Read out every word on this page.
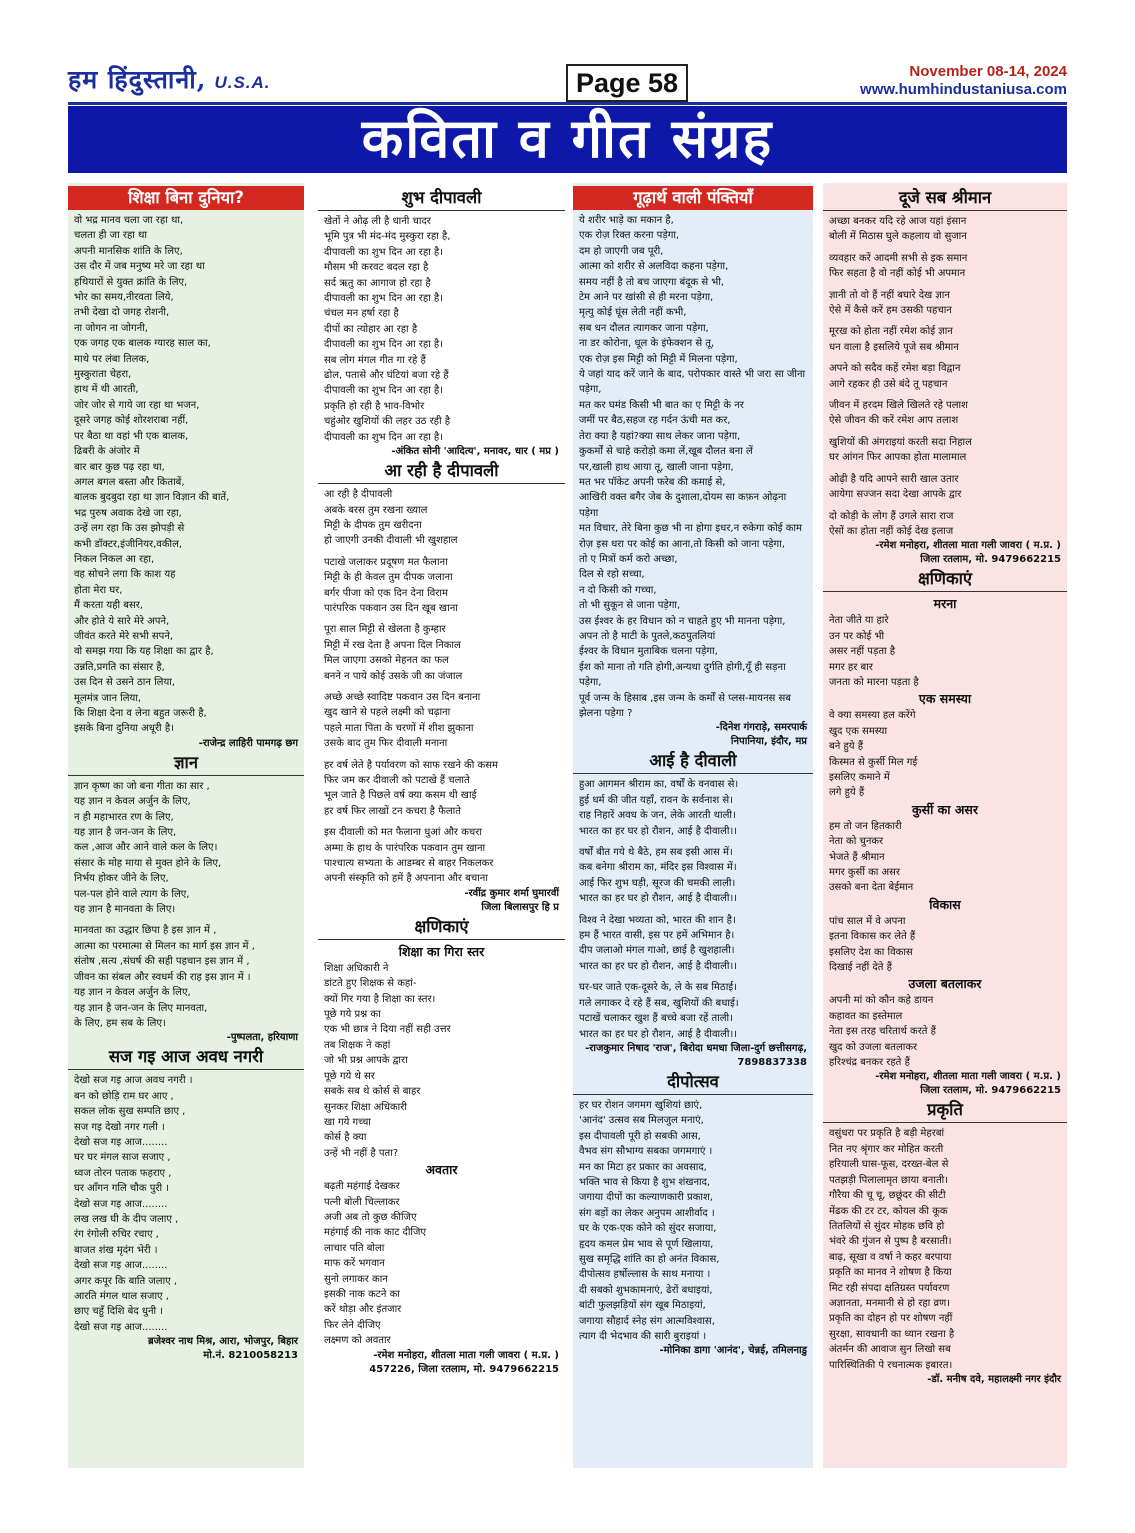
हम हिंदुस्तानी, U.S.A.	Page 58	November 08-14, 2024
www.humhindustaniusa.com
कविता व गीत संग्रह
शिक्षा बिना दुनिया?

वो भद्र मानव चला जा रहा था,
चलता ही जा रहा था
अपनी मानसिक शांति के लिए,
उस दौर में जब मनुष्य मरे जा रहा था
हथियारों से युक्त क्रांति के लिए,
भोर का समय,नीरवता लिये,
तभी देखा दो जगह रोशनी,
ना जोगन ना जोगनी,
एक जगह एक बालक ग्यारह साल का,
माथे पर लंबा तिलक,
मुस्कुराता चेहरा,
हाथ में थी आरती,
जोर जोर से गाये जा रहा था भजन,
दूसरे जगह कोई शोरशराबा नहीं,
पर बैठा था वहां भी एक बालक,
ढिबरी के अंजोर में
बार बार कुछ पढ़ रहा था,
अगल बगल बस्ता और किताबें,
बालक बुदबुदा रहा था ज्ञान विज्ञान की बातें,
भद्र पुरुष अवाक देखे जा रहा,
उन्हें लग रहा कि उस झोपड़ी से
कभी डॉक्टर,इंजीनियर,वकील,
निकल निकल आ रहा,
वह सोचने लगा कि काश यह
होता मेरा घर,
मैं करता यही बसर,
और होते ये सारे मेरे अपने,
जीवंत करते मेरे सभी सपने,
वो समझ गया कि यह शिक्षा का द्वार है,
उन्नति,प्रगति का संसार है,
उस दिन से उसने ठान लिया,
मूलमंत्र जान लिया,
कि शिक्षा देना व लेना बहुत जरूरी है,
इसके बिना दुनिया अधूरी है।

-राजेन्द्र लाहिरी पामगढ़ छग
ज्ञान

ज्ञान कृष्ण का जो बना गीता का सार ,
यह ज्ञान न केवल अर्जुन के लिए,
न ही महाभारत रण के लिए,
यह ज्ञान है जन-जन के लिए,
कल ,आज और आने वाले कल के लिए।
संसार के मोह माया से मुक्त होने के लिए,
निर्भय होकर जीने के लिए,
पल-पल होने वाले त्याग के लिए,
यह ज्ञान है मानवता के लिए।

मानवता का उद्धार छिपा है इस ज्ञान में ,
आत्मा का परमात्मा से मिलन का मार्ग इस ज्ञान में ,
संतोष ,सत्य ,संघर्ष की सही पहचान इस ज्ञान में ,
जीवन का संबल और स्वधर्म की राह इस ज्ञान में ।
यह ज्ञान न केवल अर्जुन के लिए,
यह ज्ञान है जन-जन के लिए मानवता,
के लिए, हम सब के लिए।

-पुष्पलता, हरियाणा
सज गइ आज अवध नगरी

देखो सज गइ आज अवध नगरी ।
बन को छोड़ि राम घर आए ,
सकल लोक सुख सम्पति छाए ,
सज गइ देखो नगर गली ।
देखो सज गइ आज........
घर घर मंगल साज सजाए ,
ध्वज तोरन पताक फहराए ,
घर आँगन गलि चौक पुरी ।
देखो सज गइ आज........
लख लख घी के दीप जलाए ,
रंग रंगोली रुचिर रचाए ,
बाजत शंख मृदंग भेरी ।
देखो सज गइ आज........
अगर कपूर कि बाति जलाए ,
आरति मंगल थाल सजाए ,
छाए चहुँ दिशि बेद धुनी ।
देखो सज गइ आज........

ब्रजेश्वर नाथ मिश्र, आरा, भोजपुर, बिहार
मो.नं. 8210058213
शुभ दीपावली

खेतों ने ओढ़ ली है धानी चादर
भूमि पुत्र भी मंद-मंद मुस्कुरा रहा है,
दीपावली का शुभ दिन आ रहा है।
मौसम भी करवट बदल रहा है
सर्द ऋतु का आगाज हो रहा है
दीपावली का शुभ दिन आ रहा है।
चंचल मन हर्षा रहा है
दीपों का त्योहार आ रहा है
दीपावली का शुभ दिन आ रहा है।
सब लोग मंगल गीत गा रहे हैं
ढोल, पतासे और घंटियां बजा रहे हैं
दीपावली का शुभ दिन आ रहा है।
प्रकृति हो रही है भाव-विभोर
चहुंओर खुशियों की लहर उठ रही है
दीपावली का शुभ दिन आ रहा है।

-अंकित सोनी 'आदित्य', मनावर, धार ( मप्र )
आ रही है दीपावली

आ रही है दीपावली
अबके बरस तुम रखना ख्याल
मिट्टी के दीपक तुम खरीदना
हो जाएगी उनकी दीवाली भी खुशहाल

पटाखे जलाकर प्रदूषण मत फैलाना
मिट्टी के ही केवल तुम दीपक जलाना
बर्गर पीजा को एक दिन देना विराम
पारंपरिक पकवान उस दिन खूब खाना

पूरा साल मिट्टी से खेलता है कुम्हार
मिट्टी में रख देता है अपना दिल निकाल
मिल जाएगा उसको मेहनत का फल
बनने न पाये कोई उसके जी का जंजाल

अच्छे अच्छे स्वादिष्ट पकवान उस दिन बनाना
खुद खाने से पहले लक्ष्मी को चढ़ाना
पहले माता पिता के चरणों में शीश झुकाना
उसके बाद तुम फिर दीवाली मनाना

हर वर्ष लेते है पर्यावरण को साफ रखने की कसम
फिर जम कर दीवाली को पटाखे हैं चलाते
भूल जाते है पिछले वर्ष क्या कसम थी खाई
हर वर्ष फिर लाखों टन कचरा है फैलाते

इस दीवाली को मत फैलाना धुआं और कचरा
अम्मा के हाथ के पारंपरिक पकवान तुम खाना
पाश्चात्य सभ्यता के आडम्बर से बाहर निकलकर
अपनी संस्कृति को हमें है अपनाना और बचाना

-रवींद्र कुमार शर्मा घुमारवीं
जिला बिलासपुर हि प्र
क्षणिकाएं
शिक्षा का गिरा स्तर

शिक्षा अधिकारी ने
डांटते हुए शिक्षक से कहां-
क्यों गिर गया है शिक्षा का स्तर।
पूछे गये प्रश्न का
एक भी छात्र ने दिया नहीं सही उत्तर
तब शिक्षक ने कहां
जो भी प्रश्न आपके द्वारा
पूछे गये थे सर
सबके सब थे कोर्स से बाहर
सुनकर शिक्षा अधिकारी
खा गये गच्चा
कोर्स है क्या
उन्हें भी नहीं है पता?

अवतार

बढ़ती महंगाई देखकर
पत्नी बोली चिल्लाकर
अजी अब तो कुछ कीजिए
महंगाई की नाक काट दीजिए
लाचार पति बोला
माफ करें भगवान
सुनो लगाकर कान
इसकी नाक कटने का
करें थोड़ा और इंतजार
फिर लेने दीजिए
लक्ष्मण को अवतार

-रमेश मनोहरा, शीतला माता गली जावरा ( म.प्र. )
457226, जिला रतलाम, मो. 9479662215
गूढ़ार्थ वाली पंक्तियाँ

ये शरीर भाड़े का मकान है,
एक रोज़ रिक्त करना पड़ेगा,
दम हो जाएगी जब पूरी,
आत्मा को शरीर से अलविदा कहना पड़ेगा,
समय नहीं है तो बच जाएगा बंदूक से भी,
टेम आने पर खांसी से ही मरना पड़ेगा,
मृत्यु कोई घूंस लेती नहीं कभी,
सब धन दौलत त्यागकर जाना पड़ेगा,
ना डर कोरोना, धूल के इंफेक्शन से तू,
एक रोज़ इस मिट्टी को मिट्टी में मिलना पड़ेगा,
ये जहां याद करें जाने के बाद, परोपकार वास्ते भी जरा सा जीना पड़ेगा,
मत कर घमंड किसी भी बात का ए मिट्टी के नर
जमीं पर बैठ,सहज रह गर्दन ऊंची मत कर,
तेरा क्या है यहां?क्या साथ लेकर जाना पड़ेगा,
कुकर्मों से चाहे करोड़ो कमा लें,खूब दौलत बना लें
पर,खाली हाथ आया तू, खाली जाना पड़ेगा,
मत भर पॉकेट अपनी फरेब की कमाई से,
आखिरी वक्त बगैर जेब के दुशाला,दोयम सा कफ़न ओढ़ना पड़ेगा
मत विचार, तेरे बिना कुछ भी ना होगा इधर,न रुकेगा कोई काम
रोज़ इस धरा पर कोई का आना,तो किसी को जाना पड़ेगा,
तो ए मित्रों कर्म करो अच्छा,
दिल से रहो सच्चा,
न दो किसी को गच्चा,
तो भी सुकून से जाना पड़ेगा,
उस ईश्वर के हर विधान को न चाहते हुए भी मानना पड़ेगा,
अपन तो है माटी के पुतले,कठपुतलियां
ईश्वर के विधान मुताबिक चलना पड़ेगा,
ईश को माना तो गति होगी,अन्यथा दुर्गति होगी,यूँ ही सड़ना पड़ेगा,
पूर्व जन्म के हिसाब ,इस जन्म के कर्मों से प्लस-मायनस सब झेलना पड़ेगा ?

-दिनेश गंगराड़े, समरपार्क
निपानिया, इंदौर, मप्र
आई है दीवाली

हुआ आगमन श्रीराम का, वर्षों के वनवास से।
हुई धर्म की जीत यहाँ, रावन के सर्वनाश से।
राह निहारें अवध के जन, लेके आरती थाली।
भारत का हर घर हो रौशन, आई है दीवाली।।

वर्षों बीत गये थे बैठे, हम सब इसी आस में।
कब बनेगा श्रीराम का, मंदिर इस विश्वास में।
आई फिर शुभ घड़ी, सूरज की चमकी लाली।
भारत का हर घर हो रौशन, आई है दीवाली।।

विश्व ने देखा भव्यता को, भारत की शान है।
हम हैं भारत वासी, इस पर हमें अभिमान है।
दीप जलाओ मंगल गाओ, छाई है खुशहाली।
भारत का हर घर हो रौशन, आई है दीवाली।।

घर-घर जाते एक-दूसरे के, ले के सब मिठाई।
गले लगाकर दे रहे हैं सब, खुशियों की बधाई।
पटाखें चलाकर खुश हैं बच्चे बजा रहें ताली।
भारत का हर घर हो रौशन, आई है दीवाली।।

-राजकुमार निषाद 'राज', बिरोदा धमधा जिला-दुर्ग छत्तीसगढ़, 7898837338
दीपोत्सव

हर घर रोशन जगमग खुशियां छाएं,
'आनंद' उत्सव सब मिलजुल मनाएं,
इस दीपावली पूरी हो सबकी आस,
वैभव संग सौभाग्य सबका जगमगाएं ।
मन का मिटा हर प्रकार का अवसाद,
भक्ति भाव से किया है शुभ शंखनाद,
जगाया दीपों का कल्याणकारी प्रकाश,
संग बड़ों का लेकर अनुपम आशीर्वाद ।
घर के एक-एक कोने को सुंदर सजाया,
हृदय कमल प्रेम भाव से पूर्ण खिलाया,
सुख समृद्धि शांति का हो अनंत विकास,
दीपोत्सव हर्षोल्लास के साथ मनाया ।
दी सबको शुभकामनाएं, ढेरों बधाइयां,
बांटी फुलझड़ियों संग खूब मिठाइयां,
जगाया सौहार्द स्नेह संग आत्मविश्वास,
त्याग दी भेदभाव की सारी बुराइयां ।

-मोनिका डागा 'आनंद', चेन्नई, तमिलनाडु
दूजे सब श्रीमान

अच्छा बनकर यदि रहे आज यहां इंसान
बोली में मिठास घुले कहलाय वो सुजान

व्यवहार करें आदमी सभी से इक समान
फिर सहता है वो नहीं कोई भी अपमान

ज्ञानी तो वो हैं नहीं बघारे देख ज्ञान
ऐसे में कैसे करें हम उसकी पहचान

मूरख को होता नहीं रमेश कोई ज्ञान
धन वाला है इसलिये पूजे सब श्रीमान

अपने को सदैव कहें रमेश बड़ा विद्वान
आगे रहकर ही उसे बंदे तू पहचान

जीवन में हरदम खिले खिलते रहे पलाश
ऐसे जीवन की करें रमेश आप तलाश

खुशियों की अंगराइयां करती सदा निहाल
घर आंगन फिर आपका होता मालामाल

ओढ़ी है यदि आपने सारी खाल उतार
आयेगा सज्जन सदा देखा आपके द्वार

दो कोड़ी के लोग हैं उगले सारा राज
ऐसों का होता नहीं कोई देख इलाज

-रमेश मनोहरा, शीतला माता गली जावरा ( म.प्र. )
जिला रतलाम, मो. 9479662215
क्षणिकाएं
मरना

नेता जीते या हारे
उन पर कोई भी
असर नहीं पड़ता है
मगर हर बार
जनता को मारना पड़ता है

एक समस्या

वे क्या समस्या हल करेंगे
खुद एक समस्या
बने हुये हैं
किस्मत से कुर्सी मिल गई
इसलिए कमाने में
लगे हुये हैं

कुर्सी का असर

हम तो जन हितकारी
नेता को चुनकर
भेजते हैं श्रीमान
मगर कुर्सी का असर
उसको बना देता बेईमान

विकास

पांच साल में वे अपना
इतना विकास कर लेते हैं
इसलिए देश का विकास
दिखाई नहीं देते हैं

उजला बतलाकर

अपनी मां को कौन कहे डायन
कहावत का इस्तेमाल
नेता इस तरह चरितार्थ करते हैं
खुद को उजला बतलाकर
हरिश्चंद्र बनकर रहते हैं

-रमेश मनोहरा, शीतला माता गली जावरा ( म.प्र. )
जिला रतलाम, मो. 9479662215
प्रकृति

वसुंधरा पर प्रकृति है बड़ी मेहरबां
नित नए श्रृंगार कर मोहित करती
हरियाली घास-फूस, दरख्त-बेल से
पतझड़ी पिलालामृत छाया बनाती।
गौरैया की चू चू, छछूंदर की सीटी
मेंढक की टर टर, कोयल की कूक
तितलियों से सुंदर मोहक छवि हो
भंवरे की गुंजन से पुष्प है बरसाती।
बाढ़, सूखा व वर्षा ने कहर बरपाया
प्रकृति का मानव ने शोषण है किया
मिट रही संपदा क्षतिग्रस्त पर्यावरण
अज्ञानता, मनमानी से हो रहा व्रण।
प्रकृति का दोहन हो पर शोषण नहीं
सुरक्षा, सावधानी का ध्यान रखना है
अंतर्मन की आवाज सुन लिखो सब
पारिस्थितिकी पे रचनात्मक इबारत।

-डॉ. मनीष दवे, महालक्ष्मी नगर इंदौर
